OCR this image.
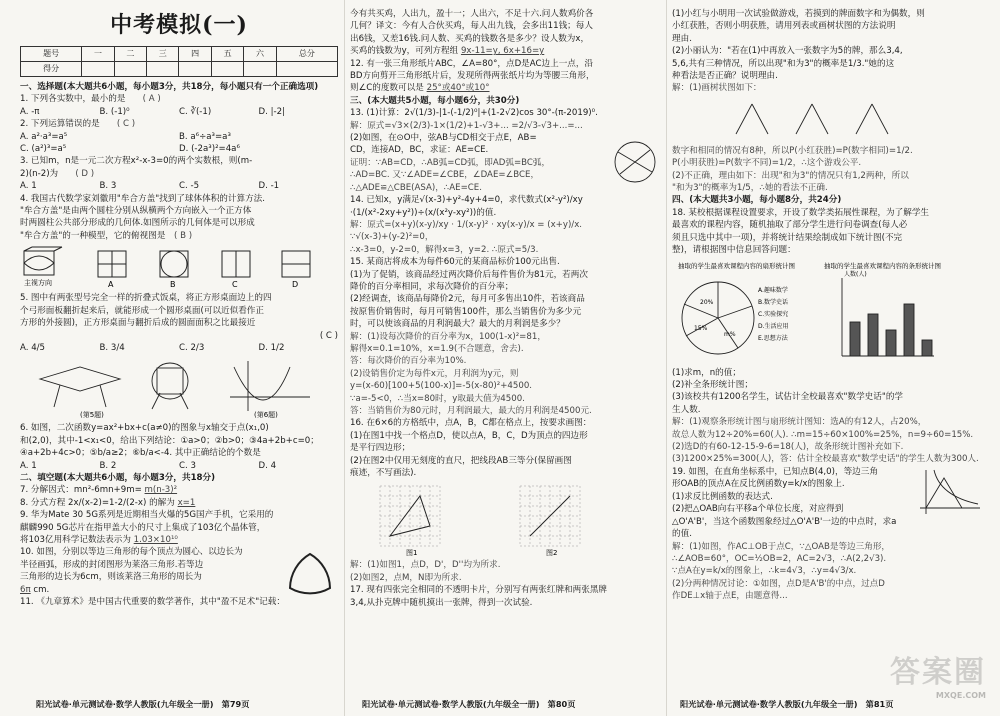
中考模拟(一)
题号	一	二	三	四	五	六	总分
得分							

一、选择题(本大题共6小题，每小题3分，共18分，每小题只有一个正确选项)

1. 下列各实数中，最小的是　　 ( A )

A. -π	B. (-1)⁰	C. ∛(-1)	D. |-2|

2. 下列运算错误的是　　 ( C )

A. a²·a³=a⁵	B. a⁶÷a³=a³
C. (a²)³=a⁵	D. (-2a³)²=4a⁶

3. 已知m，n是一元二次方程x²-x-3=0的两个实数根，则(m-

2)(n-2)为　　 ( D )

A. 1	B. 3	C. -5	D. -1

4. 我国古代数学家刘徽用"牟合方盖"找到了球体体积的计算方法.

"牟合方盖"是由两个圆柱分别从纵横两个方向嵌入一个正方体

时两圆柱公共部分形成的几何体.如图所示的几何体是可以形成

"牟合方盖"的一种模型，它的俯视图是　 ( B )

主视方向	A	B	C	D

5. 图中有两张型号完全一样的折叠式饭桌，将正方形桌面边上的四

个弓形面板翻折起来后，就能形成一个圆形桌面(可以近似看作正

方形的外接圆)，正方形桌面与翻折后成的圆面面积之比最接近

( C )

A. 4/5	B. 3/4	C. 2/3	D. 1/2
(第5题)	(第6题)

6. 如图，二次函数y=ax²+bx+c(a≠0)的图象与x轴交于点(x₁,0)

和(2,0)，其中-1<x₁<0，给出下列结论：①a>0；②b>0；③4a+2b+c=0；

④a+2b+4c>0；⑤b/a≥2；⑥b/a<-4. 其中正确结论的个数是

A. 1	B. 2	C. 3	D. 4

二、填空题(本大题共6小题，每小题3分，共18分)

7. 分解因式：mn²-6mn+9m= m(n-3)²

8. 分式方程 2x/(x-2)=1-2/(2-x) 的解为 x=1

9. 华为Mate 30 5G系列是近期相当火爆的5G国产手机，它采用的

麒麟990 5G芯片在指甲盖大小的尺寸上集成了103亿个晶体管，

将103亿用科学记数法表示为 1.03×10¹⁰

10. 如图，分别以等边三角形的每个顶点为圆心、以边长为

半径画弧，形成的封闭图形为莱洛三角形.若等边

三角形的边长为6cm，则该莱洛三角形的周长为

6π cm.

11. 《九章算术》是中国古代重要的数学著作，其中"盈不足术"记载：

今有共买鸡，人出九，盈十一；人出六，不足十六.问人数鸡价各

几何？译文：今有人合伙买鸡，每人出九钱，会多出11钱；每人

出6钱，又差16钱.问人数、买鸡的钱数各是多少？设人数为x，

买鸡的钱数为y，可列方程组 9x-11=y, 6x+16=y

12. 有一张三角形纸片ABC，∠A=80°，点D是AC边上一点，沿

BD方向剪开三角形纸片后，发现所得两张纸片均为等腰三角形，

则∠C的度数可以是 25°或40°或10°

三、(本大题共5小题，每小题6分，共30分)

13. (1)计算：2√(1/3)-|1-(-1/2)⁰|+(1-2√2)cos 30°-(π-2019)⁰.

解：原式=√3×(2/3)-1×(1/2)+1-√3+... =2/√3-√3+...=...

(2)如图，在⊙O中，弦AB与CD相交于点E，AB=

CD，连接AD，BC，求证：AE=CE.

证明：∵AB=CD，∴AB弧=CD弧，即AD弧=BC弧，

∴AD=BC. 又∵∠ADE=∠CBE，∠DAE=∠BCE，

∴△ADE≌△CBE(ASA)，∴AE=CE.

14. 已知x，y满足√(x-3)+y²-4y+4=0，求代数式(x²-y²)/xy

·(1/(x²-2xy+y²))÷(x/(x²y-xy²))的值.

解：原式=(x+y)(x-y)/xy · 1/(x-y)² · xy(x-y)/x = (x+y)/x.

∵√(x-3)+(y-2)²=0，

∴x-3=0，y-2=0，解得x=3，y=2. ∴原式=5/3.

15. 某商店将成本为每件60元的某商品标价100元出售.

(1)为了促销，该商品经过两次降价后每件售价为81元，若两次

降价的百分率相同，求每次降价的百分率；

(2)经调查，该商品每降价2元，每月可多售出10件，若该商品

按原售价销售时，每月可销售100件，那么当销售价为多少元

时，可以使该商品的月利润最大？最大的月利润是多少？

解：(1)设每次降价的百分率为x，100(1-x)²=81，

解得x=0.1=10%，x=1.9(不合题意，舍去).

答：每次降价的百分率为10%.

(2)设销售价定为每件x元，月利润为y元，则

y=(x-60)[100+5(100-x)]=-5(x-80)²+4500.

∵a=-5<0，∴当x=80时，y取最大值为4500.

答：当销售价为80元时，月利润最大，最大的月利润是4500元.

16. 在6×6的方格纸中，点A，B，C都在格点上，按要求画图：

(1)在图1中找一个格点D，使以点A，B，C，D为顶点的四边形

是平行四边形；

(2)在图2中仅用无刻度的直尺，把线段AB三等分(保留画图

痕迹，不写画法).

图1	图2

解：(1)如图1，点D，D'，D''均为所求.

(2)如图2，点M，N即为所求.

17. 现有四张完全相同的不透明卡片，分别写有两张红牌和两张黑牌

3,4,从扑克牌中随机摸出一张牌，得到一次试验.

(1)小红与小明用一次试验做游戏，若摸到的牌面数字和为偶数，则

小红获胜，否则小明获胜，请用列表或画树状图的方法说明

理由.

(2)小丽认为："若在(1)中再放入一张数字为5的牌，那么3,4,

5,6,共有三种情况，所以出现"和为3"的概率是1/3."她的这

种看法是否正确？说明理由.

解：(1)画树状图如下：

数字和相同的情况有8种，所以P(小红获胜)=P(数字相同)=1/2.

P(小明获胜)=P(数字不同)=1/2，∴这个游戏公平.

(2)不正确，理由如下：出现"和为3"的情况只有1,2两种，所以

"和为3"的概率为1/5，∴她的看法不正确.

四、(本大题共3小题，每小题8分，共24分)

18. 某校根据课程设置要求，开设了数学类拓展性课程，为了解学生

最喜欢的课程内容，随机抽取了部分学生进行问卷调查(每人必

须且只选中其中一项)，并将统计结果绘制成如下统计图(不完

整)，请根据图中信息回答问题：

抽取的学生最喜欢课程内容的扇形统计图	抽取的学生最喜欢课程内容的条形统计图
20%
m%
15%
A.趣味数学
B.数学史话
C.实验探究
D.生活应用
E.思想方法
人数(人)

(1)求m，n的值；

(2)补全条形统计图；

(3)该校共有1200名学生，试估计全校最喜欢"数学史话"的学

生人数.

解：(1)观察条形统计图与扇形统计图知：选A的有12人，占20%，

故总人数为12÷20%=60(人). ∴m=15÷60×100%=25%，n=9÷60=15%.

(2)选D的有60-12-15-9-6=18(人)，故条形统计图补充如下.

(3)1200×25%=300(人)，答：估计全校最喜欢"数学史话"的学生人数为300人.

19. 如图，在直角坐标系中，已知点B(4,0)，等边三角

形OAB的顶点A在反比例函数y=k/x的图象上.

(1)求反比例函数的表达式.

(2)把△OAB向右平移a个单位长度，对应得到

△O'A'B'，当这个函数图象经过△O'A'B'一边的中点时，求a

的值.

解：(1)如图，作AC⊥OB于点C，∵△OAB是等边三角形，

∴∠AOB=60°，OC=½OB=2，AC=2√3，∴A(2,2√3).

∵点A在y=k/x的图象上，∴k=4√3，∴y=4√3/x.

(2)分两种情况讨论：①如图，点D是A'B'的中点，过点D

作DE⊥x轴于点E，由题意得...

阳光试卷·单元测试卷·数学人教版(九年级全一册)　第79页	阳光试卷·单元测试卷·数学人教版(九年级全一册)　第80页	阳光试卷·单元测试卷·数学人教版(九年级全一册)　第81页
答案圈
MXQE.COM
